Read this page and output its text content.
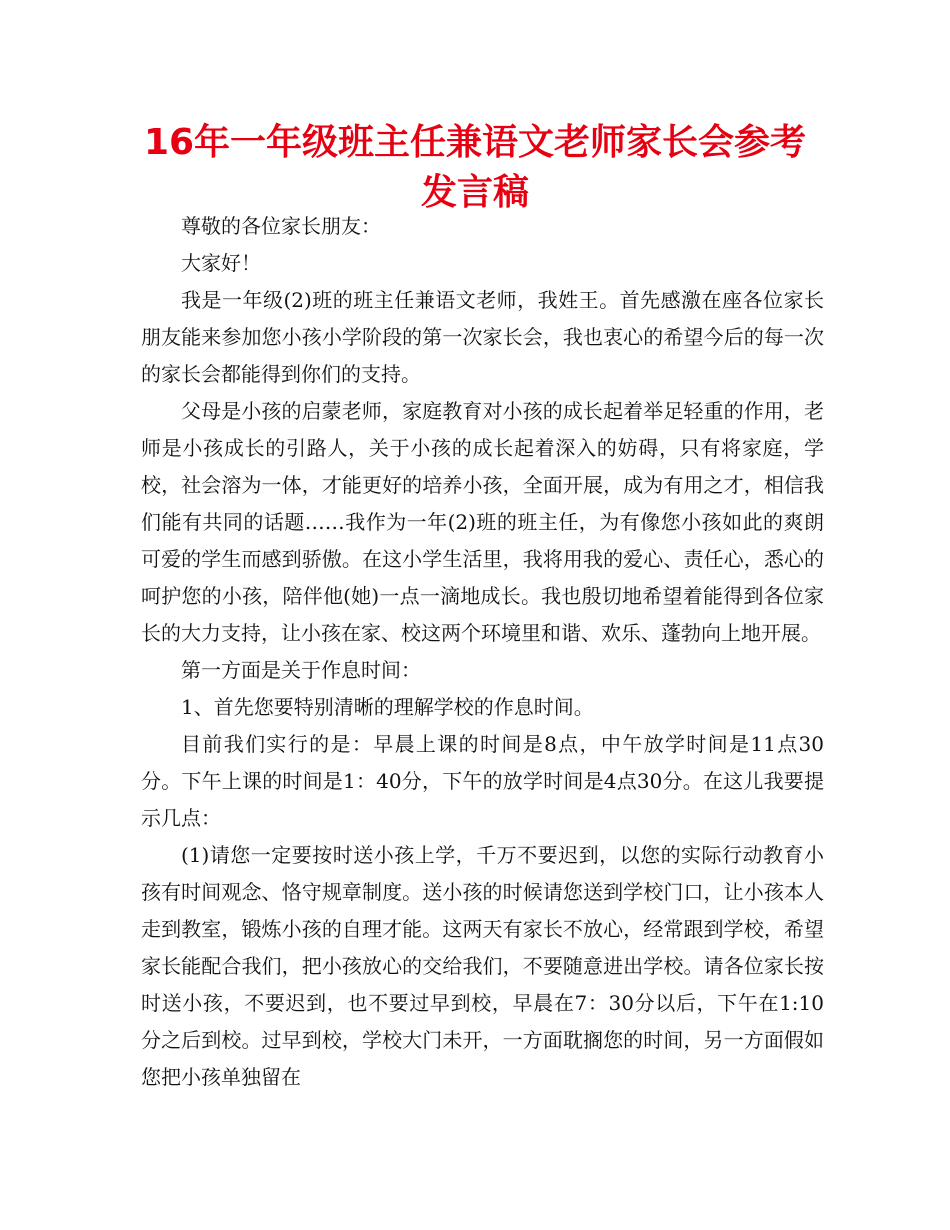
16年一年级班主任兼语文老师家长会参考发言稿

尊敬的各位家长朋友：

大家好！

我是一年级(2)班的班主任兼语文老师，我姓王。首先感激在座各位家长朋友能来参加您小孩小学阶段的第一次家长会，我也衷心的希望今后的每一次的家长会都能得到你们的支持。

父母是小孩的启蒙老师，家庭教育对小孩的成长起着举足轻重的作用，老师是小孩成长的引路人，关于小孩的成长起着深入的妨碍，只有将家庭，学校，社会溶为一体，才能更好的培养小孩，全面开展，成为有用之才，相信我们能有共同的话题……我作为一年(2)班的班主任，为有像您小孩如此的爽朗可爱的学生而感到骄傲。在这小学生活里，我将用我的爱心、责任心，悉心的呵护您的小孩，陪伴他(她)一点一滴地成长。我也殷切地希望着能得到各位家长的大力支持，让小孩在家、校这两个环境里和谐、欢乐、蓬勃向上地开展。

第一方面是关于作息时间：

1、首先您要特别清晰的理解学校的作息时间。

目前我们实行的是：早晨上课的时间是8点，中午放学时间是11点30分。下午上课的时间是1：40分，下午的放学时间是4点30分。在这儿我要提示几点：

(1)请您一定要按时送小孩上学，千万不要迟到，以您的实际行动教育小孩有时间观念、恪守规章制度。送小孩的时候请您送到学校门口，让小孩本人走到教室，锻炼小孩的自理才能。这两天有家长不放心，经常跟到学校，希望家长能配合我们，把小孩放心的交给我们，不要随意进出学校。请各位家长按时送小孩，不要迟到，也不要过早到校，早晨在7：30分以后，下午在1:10分之后到校。过早到校，学校大门未开，一方面耽搁您的时间，另一方面假如您把小孩单独留在
